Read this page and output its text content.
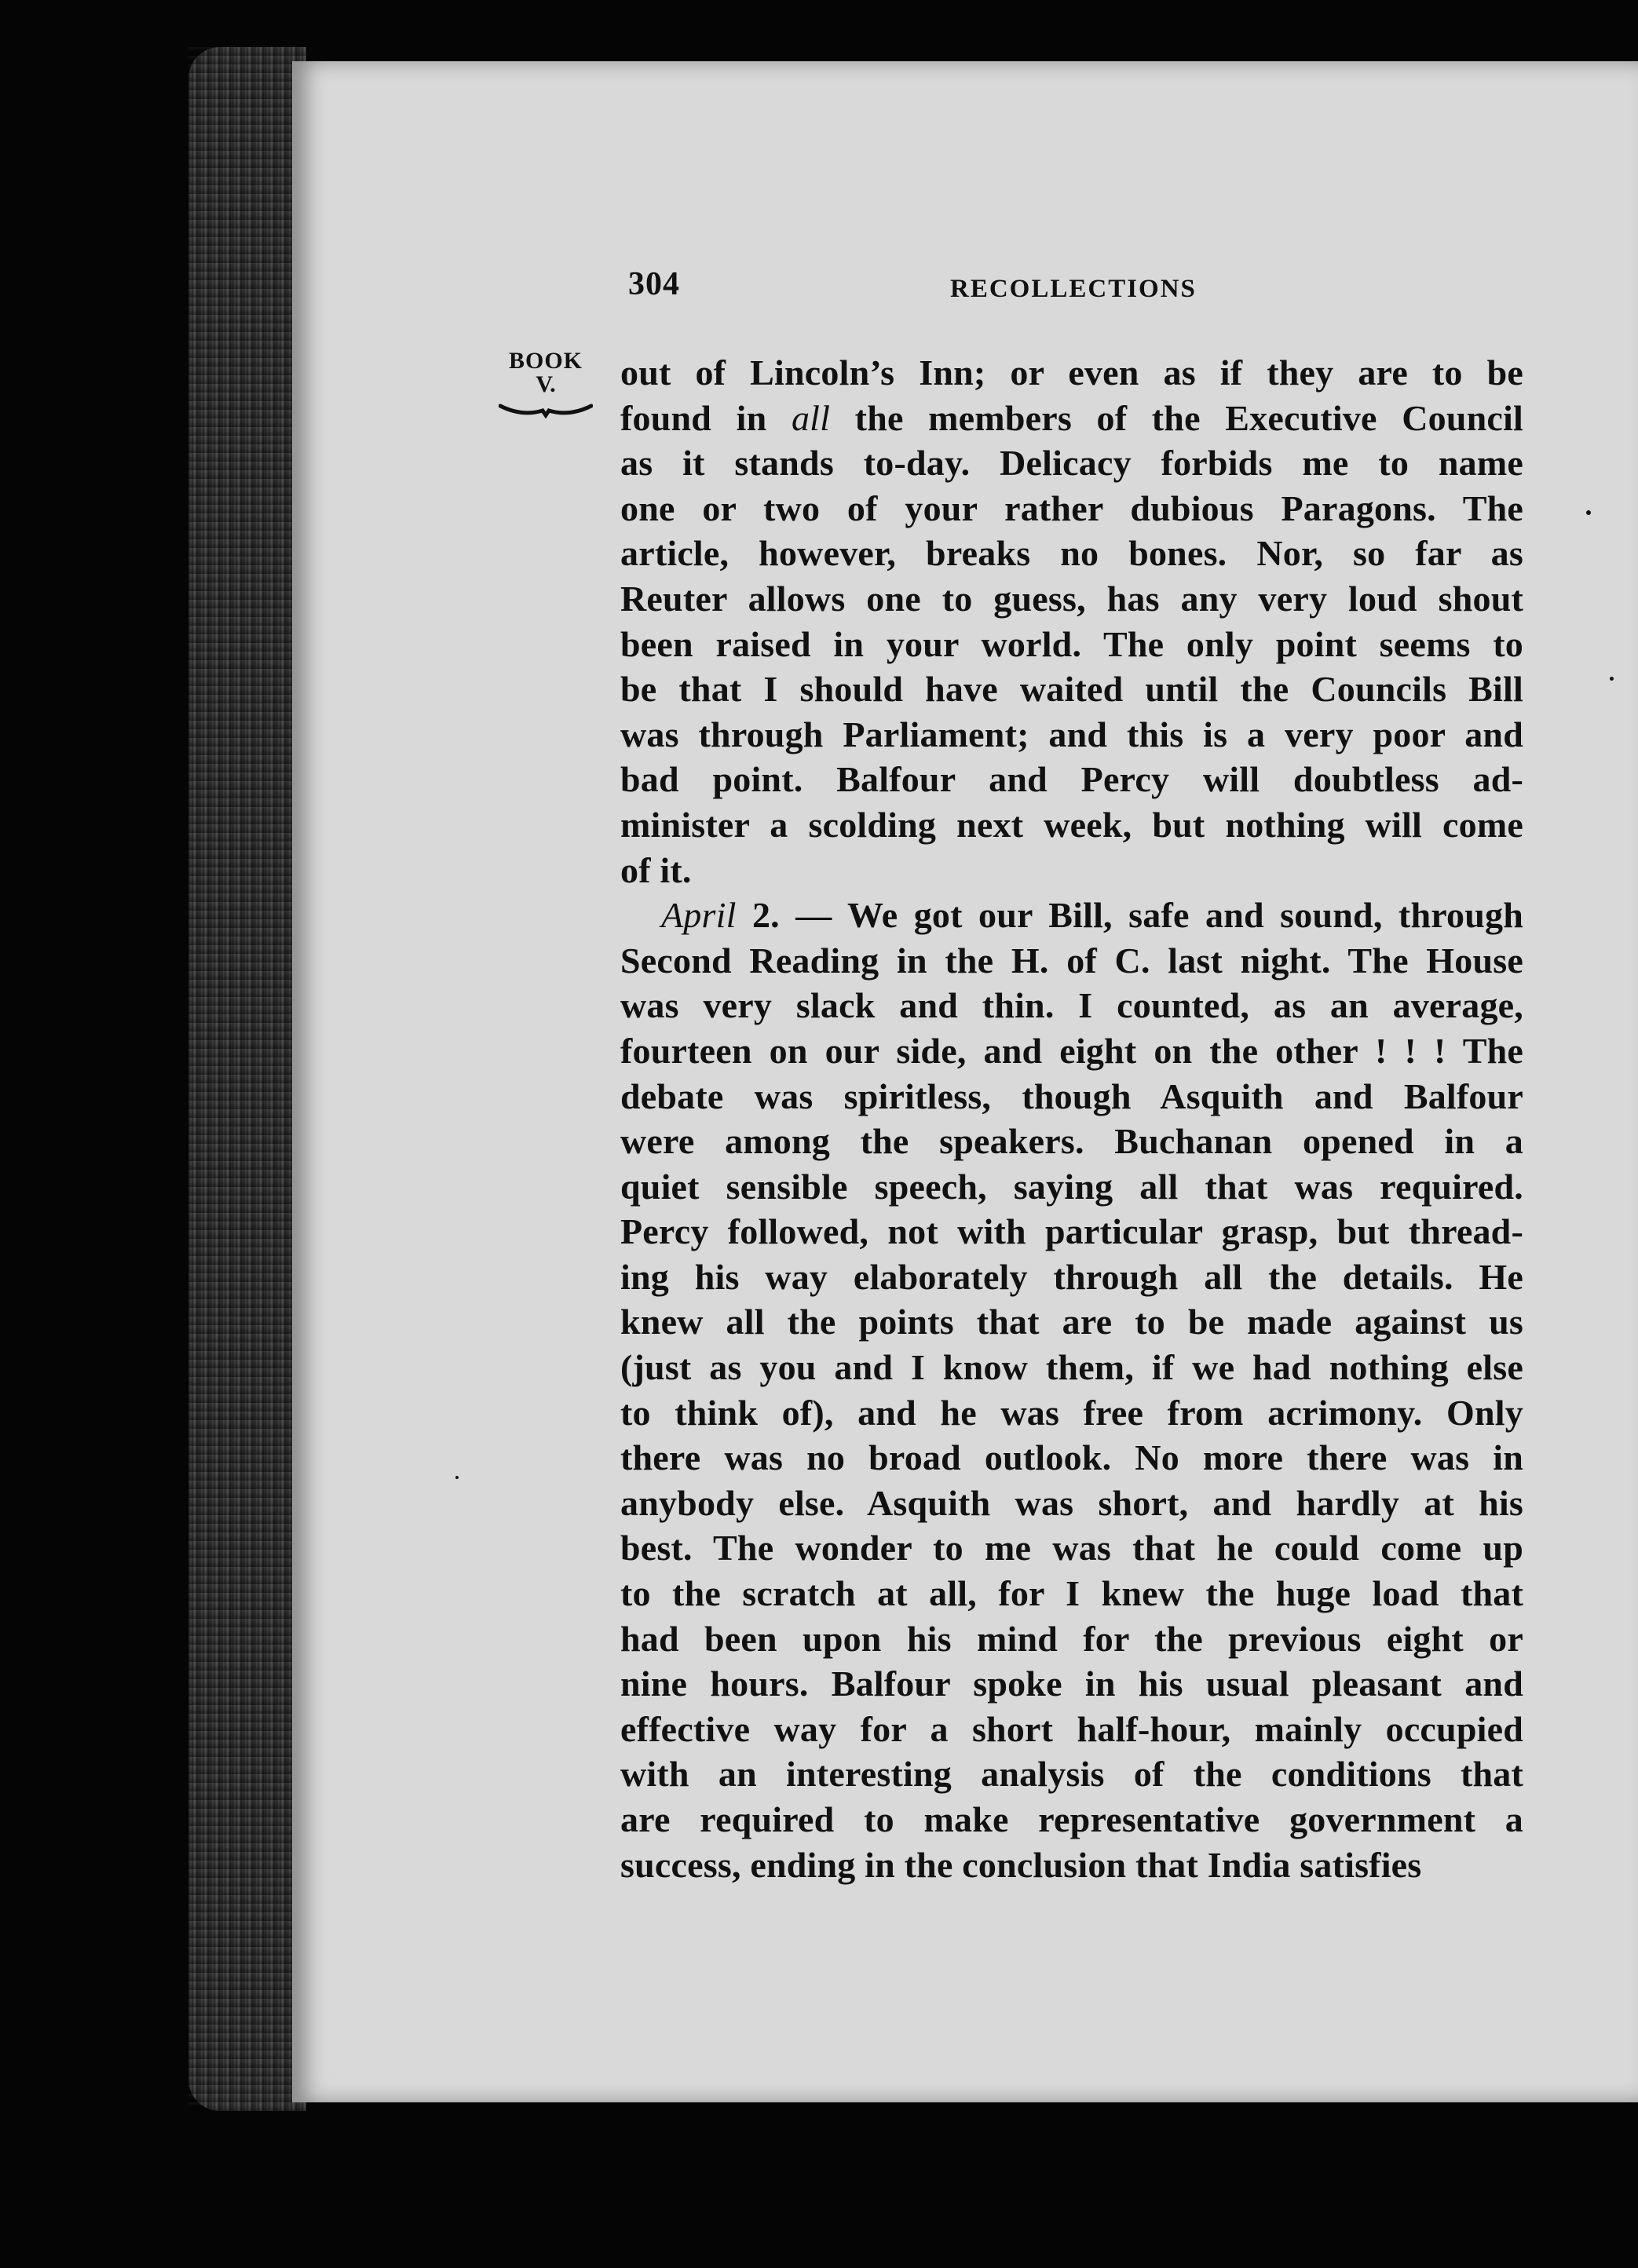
304	RECOLLECTIONS
BOOK
V.	out of Lincoln’s Inn; or even as if they are to be
found in all the members of the Executive Council
as it stands to-day. Delicacy forbids me to name
one or two of your rather dubious Paragons. The
article, however, breaks no bones. Nor, so far as
Reuter allows one to guess, has any very loud shout
been raised in your world. The only point seems to
be that I should have waited until the Councils Bill
was through Parliament; and this is a very poor and
bad point. Balfour and Percy will doubtless ad-
minister a scolding next week, but nothing will come
of it.
April 2. — We got our Bill, safe and sound, through
Second Reading in the H. of C. last night. The House
was very slack and thin. I counted, as an average,
fourteen on our side, and eight on the other ! ! ! The
debate was spiritless, though Asquith and Balfour
were among the speakers. Buchanan opened in a
quiet sensible speech, saying all that was required.
Percy followed, not with particular grasp, but thread-
ing his way elaborately through all the details. He
knew all the points that are to be made against us
(just as you and I know them, if we had nothing else
to think of), and he was free from acrimony. Only
there was no broad outlook. No more there was in
anybody else. Asquith was short, and hardly at his
best. The wonder to me was that he could come up
to the scratch at all, for I knew the huge load that
had been upon his mind for the previous eight or
nine hours. Balfour spoke in his usual pleasant and
effective way for a short half-hour, mainly occupied
with an interesting analysis of the conditions that
are required to make representative government a
success, ending in the conclusion that India satisfies
